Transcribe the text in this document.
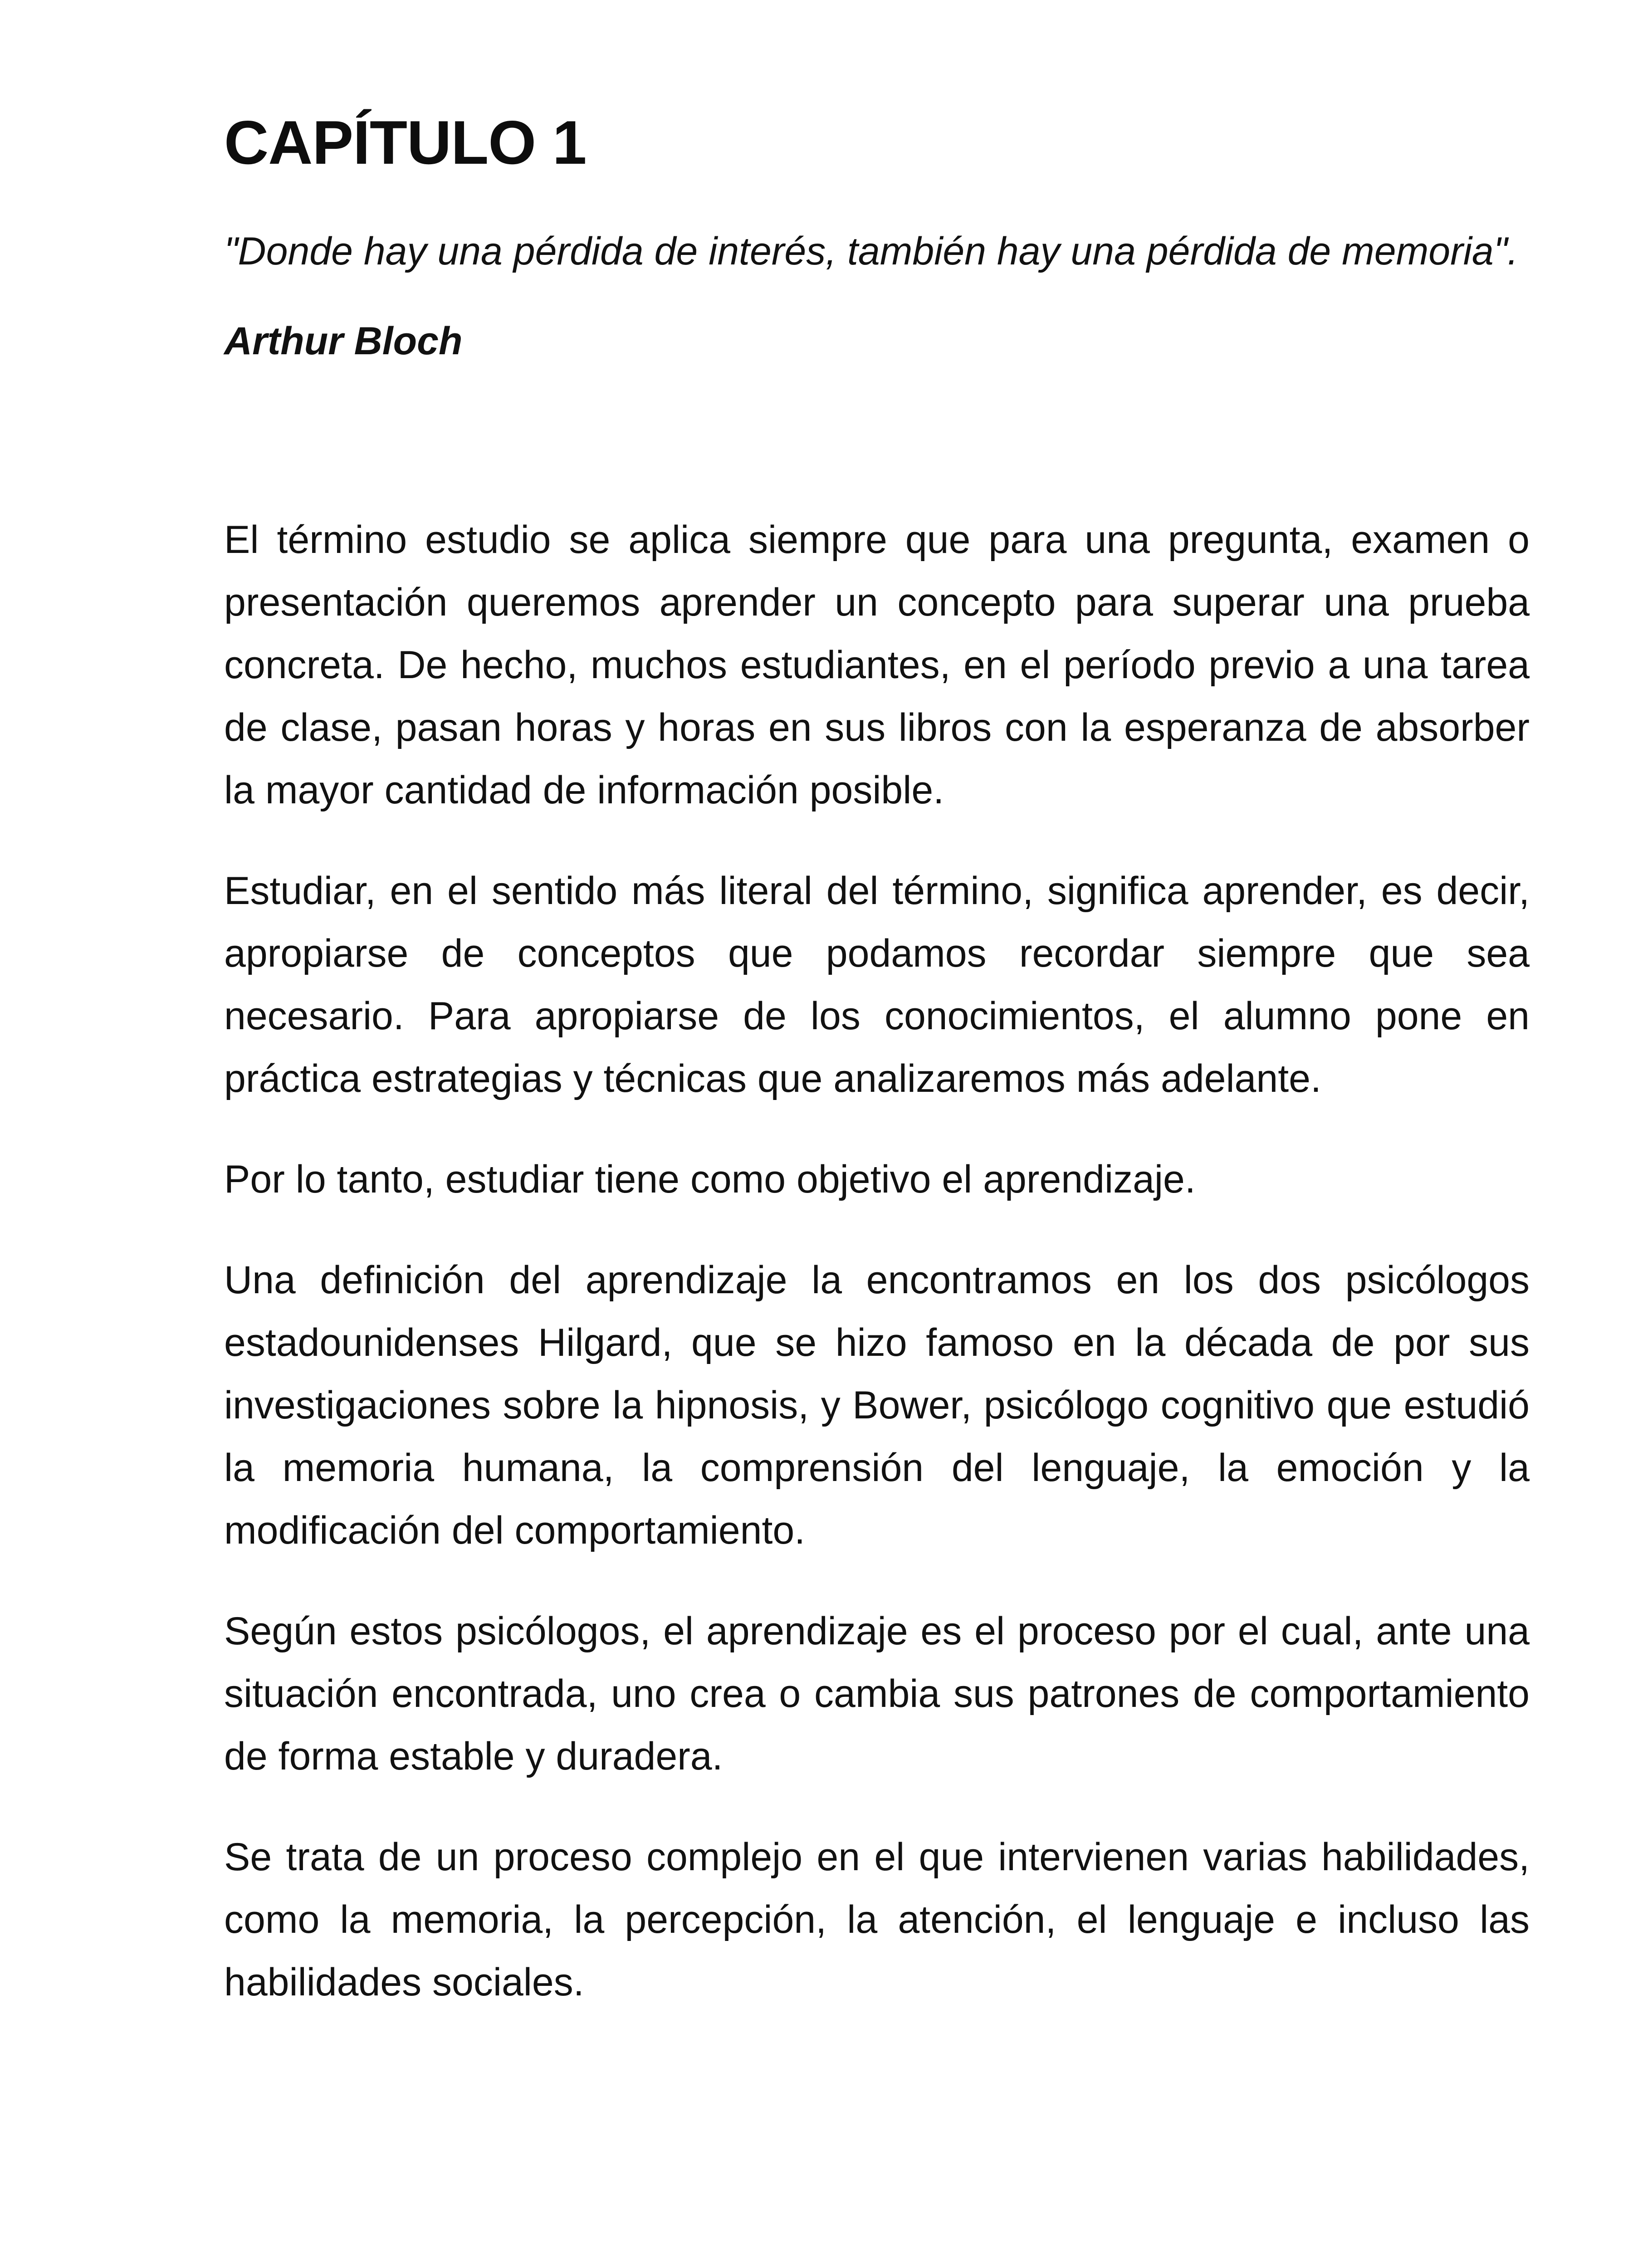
CAPÍTULO 1

"Donde hay una pérdida de interés, también hay una pérdida de memoria".

Arthur Bloch

El término estudio se aplica siempre que para una pregunta, examen o presentación queremos aprender un concepto para superar una prueba concreta. De hecho, muchos estudiantes, en el período previo a una tarea de clase, pasan horas y horas en sus libros con la esperanza de absorber la mayor cantidad de información posible.

Estudiar, en el sentido más literal del término, significa aprender, es decir, apropiarse de conceptos que podamos recordar siempre que sea necesario. Para apropiarse de los conocimientos, el alumno pone en práctica estrategias y técnicas que analizaremos más adelante.

Por lo tanto, estudiar tiene como objetivo el aprendizaje.

Una definición del aprendizaje la encontramos en los dos psicólogos estadounidenses Hilgard, que se hizo famoso en la década de por sus investigaciones sobre la hipnosis, y Bower, psicólogo cognitivo que estudió la memoria humana, la comprensión del lenguaje, la emoción y la modificación del comportamiento.

Según estos psicólogos, el aprendizaje es el proceso por el cual, ante una situación encontrada, uno crea o cambia sus patrones de comportamiento de forma estable y duradera.

Se trata de un proceso complejo en el que intervienen varias habilidades, como la memoria, la percepción, la atención, el lenguaje e incluso las habilidades sociales.
